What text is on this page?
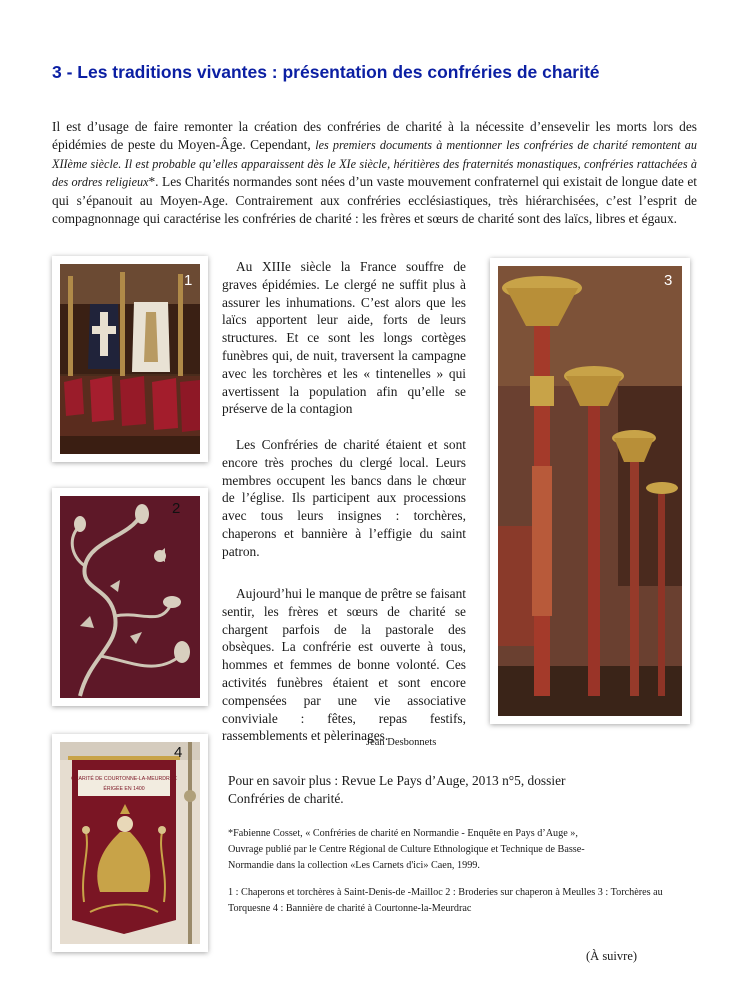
3 - Les traditions vivantes : présentation des confréries de charité
Il est d’usage de faire remonter la création des confréries de charité à la nécessite d’ensevelir les morts lors des épidémies de peste du Moyen-Âge. Cependant, les premiers documents à mentionner les confréries de charité remontent au XIIème siècle. Il est probable qu’elles apparaissent dès le XIe siècle, héritières des fraternités monastiques, confréries rattachées à des ordres religieux*. Les Charités normandes sont nées d’un vaste mouvement confraternel qui existait de longue date et qui s’épanouit au Moyen-Age. Contrairement aux confréries ecclésiastiques, très hiérarchisées, c’est l’esprit de compagnonnage qui caractérise les confréries de charité : les frères et sœurs de charité sont des laïcs, libres et égaux.
1
2
3
CHARITÉ DE COURTONNE-LA-MEURDRAC
ÉRIGÉE EN 1400
4

Au XIIIe siècle la France souffre de graves épidémies. Le clergé ne suffit plus à assurer les inhumations. C’est alors que les laïcs apportent leur aide, forts de leurs structures. Et ce sont les longs cortèges funèbres qui, de nuit, traversent la campagne avec les torchères et les « tintenelles » qui avertissent la population afin qu’elle se préserve de la contagion

Les Confréries de charité étaient et sont encore très proches du clergé local. Leurs membres occupent les bancs dans le chœur de l’église. Ils participent aux processions avec tous leurs insignes : torchères, chaperons et bannière à l’effigie du saint patron.

Aujourd’hui le manque de prêtre se faisant sentir, les frères et sœurs de charité se chargent parfois de la pastorale des obsèques. La confrérie est ouverte à tous, hommes et femmes de bonne volonté. Ces activités funèbres étaient et sont encore compensées par une vie associative conviviale : fêtes, repas festifs, rassemblements et pèlerinages.

Jean Desbonnets
Pour en savoir plus : Revue Le Pays d’Auge, 2013 n°5, dossier Confréries de charité.
*Fabienne Cosset, « Confréries de charité en Normandie - Enquête en Pays d’Auge »,
Ouvrage publié par le Centre Régional de Culture Ethnologique et Technique de Basse-
Normandie dans la collection «Les Carnets d'ici» Caen, 1999.
1 : Chaperons et torchères à Saint-Denis-de -Mailloc 2 : Broderies sur chaperon à Meulles 3 : Torchères au Torquesne 4 : Bannière de charité à Courtonne-la-Meurdrac
(À suivre)
